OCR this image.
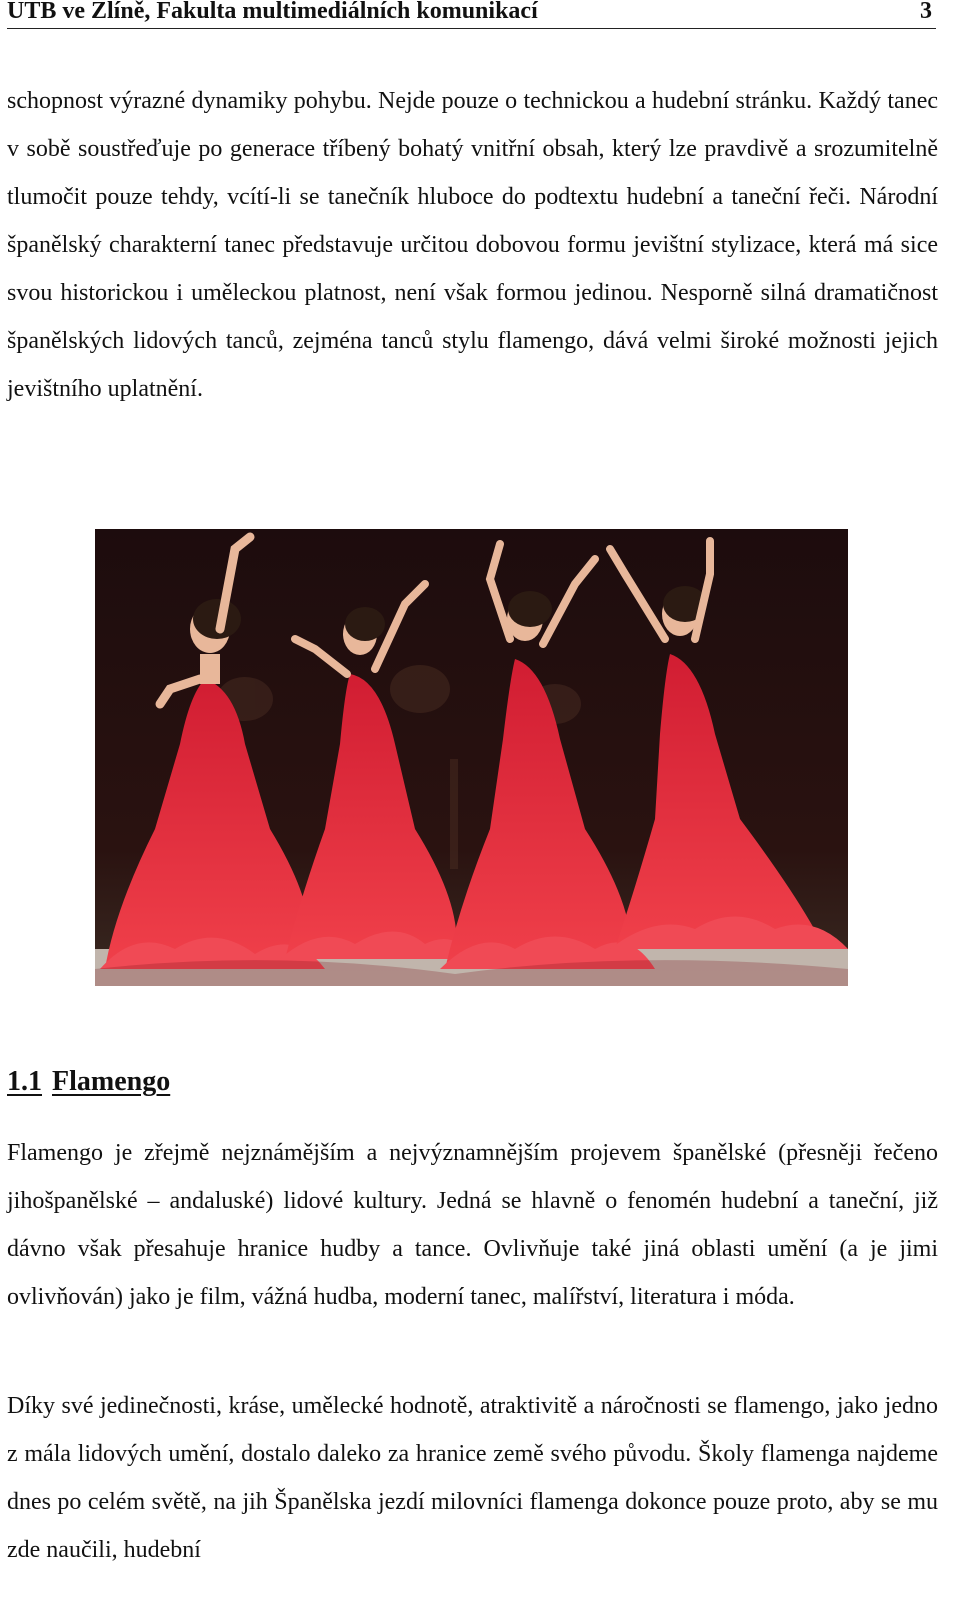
UTB ve Zlíně, Fakulta multimediálních komunikací	3

schopnost výrazné dynamiky pohybu. Nejde pouze o technickou a hudební stránku. Každý tanec v sobě soustřeďuje po generace tříbený bohatý vnitřní obsah, který lze pravdivě a srozumitelně tlumočit pouze tehdy, vcítí-li se tanečník hluboce do podtextu hudební a taneční řeči. Národní španělský charakterní tanec představuje určitou dobovou formu jevištní stylizace, která má sice svou historickou i uměleckou platnost, není však formou jedinou. Nesporně silná dramatičnost španělských lidových tanců, zejména tanců stylu flamengo, dává velmi široké možnosti jejich jevištního uplatnění.

1.1 Flamengo

Flamengo je zřejmě nejznámějším a nejvýznamnějším projevem španělské (přesněji řečeno jihošpanělské – andaluské) lidové kultury. Jedná se hlavně o fenomén hudební a taneční, již dávno však přesahuje hranice hudby a tance. Ovlivňuje také jiná oblasti umění (a je jimi ovlivňován) jako je film, vážná hudba, moderní tanec, malířství, literatura i móda.

Díky své jedinečnosti, kráse, umělecké hodnotě, atraktivitě a náročnosti se flamengo, jako jedno z mála lidových umění, dostalo daleko za hranice země svého původu. Školy flamenga najdeme dnes po celém světě, na jih Španělska jezdí milovníci flamenga dokonce pouze proto, aby se mu zde naučili, hudební
